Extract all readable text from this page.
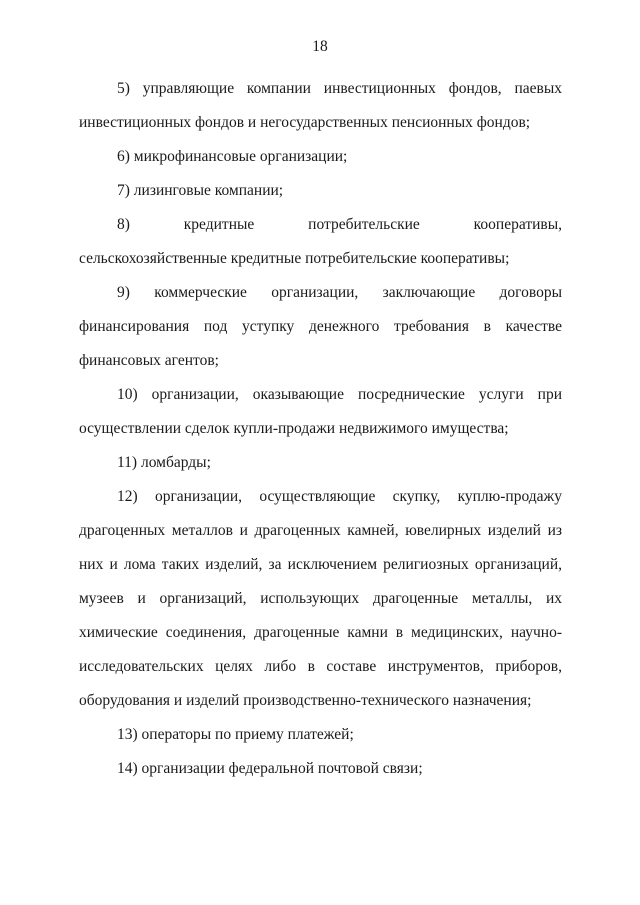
18

5) управляющие компании инвестиционных фондов, паевых инвестиционных фондов и негосударственных пенсионных фондов;

6) микрофинансовые организации;

7) лизинговые компании;

8) кредитные потребительские кооперативы, сельскохозяйственные кредитные потребительские кооперативы;

9) коммерческие организации, заключающие договоры финансирования под уступку денежного требования в качестве финансовых агентов;

10) организации, оказывающие посреднические услуги при осуществлении сделок купли-продажи недвижимого имущества;

11) ломбарды;

12) организации, осуществляющие скупку, куплю-продажу драгоценных металлов и драгоценных камней, ювелирных изделий из них и лома таких изделий, за исключением религиозных организаций, музеев и организаций, использующих драгоценные металлы, их химические соединения, драгоценные камни в медицинских, научно-исследовательских целях либо в составе инструментов, приборов, оборудования и изделий производственно-технического назначения;

13) операторы по приему платежей;

14) организации федеральной почтовой связи;
